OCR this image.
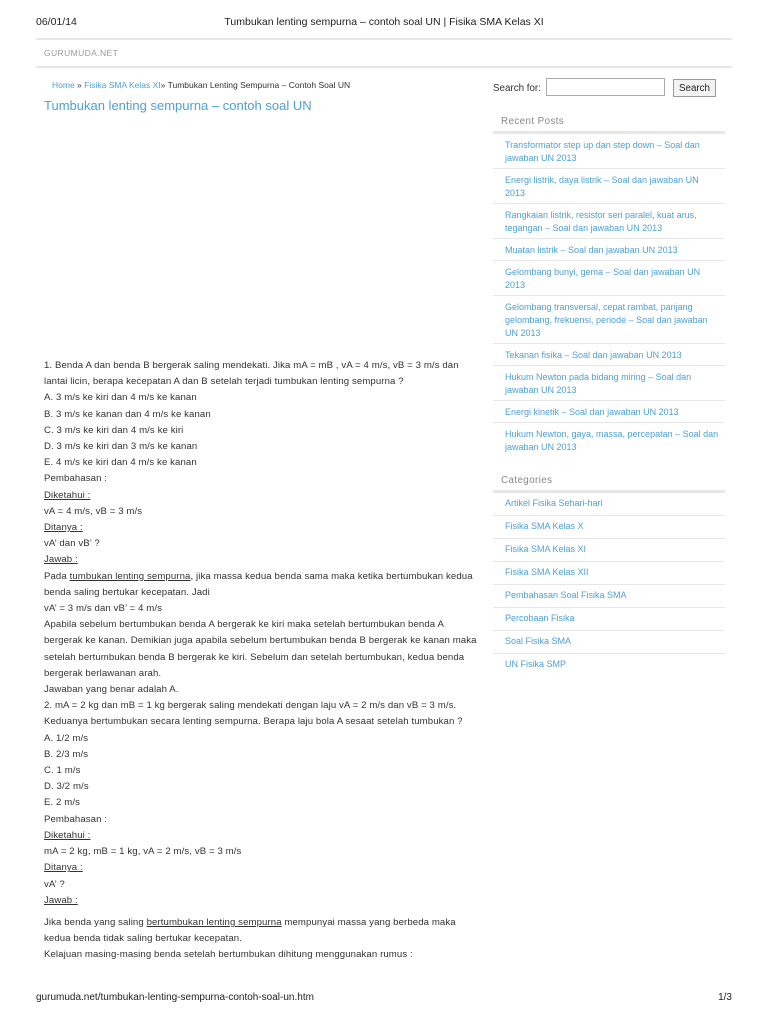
06/01/14	Tumbukan lenting sempurna – contoh soal UN | Fisika SMA Kelas XI
GURUMUDA.NET
Home » Fisika SMA Kelas XI» Tumbukan Lenting Sempurna – Contoh Soal UN
Tumbukan lenting sempurna – contoh soal UN

1. Benda A dan benda B bergerak saling mendekati. Jika mA = mB , vA = 4 m/s, vB = 3 m/s dan lantai licin, berapa kecepatan A dan B setelah terjadi tumbukan lenting sempurna ?

A. 3 m/s ke kiri dan 4 m/s ke kanan

B. 3 m/s ke kanan dan 4 m/s ke kanan

C. 3 m/s ke kiri dan 4 m/s ke kiri

D. 3 m/s ke kiri dan 3 m/s ke kanan

E. 4 m/s ke kiri dan 4 m/s ke kanan

Pembahasan :

Diketahui :

vA = 4 m/s, vB = 3 m/s

Ditanya :

vA’ dan vB’ ?

Jawab :

Pada tumbukan lenting sempurna, jika massa kedua benda sama maka ketika bertumbukan kedua benda saling bertukar kecepatan. Jadi

vA’ = 3 m/s dan vB’ = 4 m/s

Apabila sebelum bertumbukan benda A bergerak ke kiri maka setelah bertumbukan benda A bergerak ke kanan. Demikian juga apabila sebelum bertumbukan benda B bergerak ke kanan maka setelah bertumbukan benda B bergerak ke kiri. Sebelum dan setelah bertumbukan, kedua benda bergerak berlawanan arah.

Jawaban yang benar adalah A.

2. mA = 2 kg dan mB = 1 kg bergerak saling mendekati dengan laju vA = 2 m/s dan vB = 3 m/s. Keduanya bertumbukan secara lenting sempurna. Berapa laju bola A sesaat setelah tumbukan ?

A. 1/2 m/s

B. 2/3 m/s

C. 1 m/s

D. 3/2 m/s

E. 2 m/s

Pembahasan :

Diketahui :

mA = 2 kg, mB = 1 kg, vA = 2 m/s, vB = 3 m/s

Ditanya :

vA’ ?

Jawab :

Jika benda yang saling bertumbukan lenting sempurna mempunyai massa yang berbeda maka kedua benda tidak saling bertukar kecepatan.

Kelajuan masing-masing benda setelah bertumbukan dihitung menggunakan rumus :

Search for:	Search
Recent Posts
Transformator step up dan step down – Soal dan jawaban UN 2013
Energi listrik, daya listrik – Soal dan jawaban UN 2013
Rangkaian listrik, resistor seri paralel, kuat arus, tegangan – Soal dan jawaban UN 2013
Muatan listrik – Soal dan jawaban UN 2013
Gelombang bunyi, gema – Soal dan jawaban UN 2013
Gelombang transversal, cepat rambat, panjang gelombang, frekuensi, periode – Soal dan jawaban UN 2013
Tekanan fisika – Soal dan jawaban UN 2013
Hukum Newton pada bidang miring – Soal dan jawaban UN 2013
Energi kinetik – Soal dan jawaban UN 2013
Hukum Newton, gaya, massa, percepatan – Soal dan jawaban UN 2013
Categories
Artikel Fisika Sehari-hari
Fisika SMA Kelas X
Fisika SMA Kelas XI
Fisika SMA Kelas XII
Pembahasan Soal Fisika SMA
Percobaan Fisika
Soal Fisika SMA
UN Fisika SMP
gurumuda.net/tumbukan-lenting-sempurna-contoh-soal-un.htm	1/3
